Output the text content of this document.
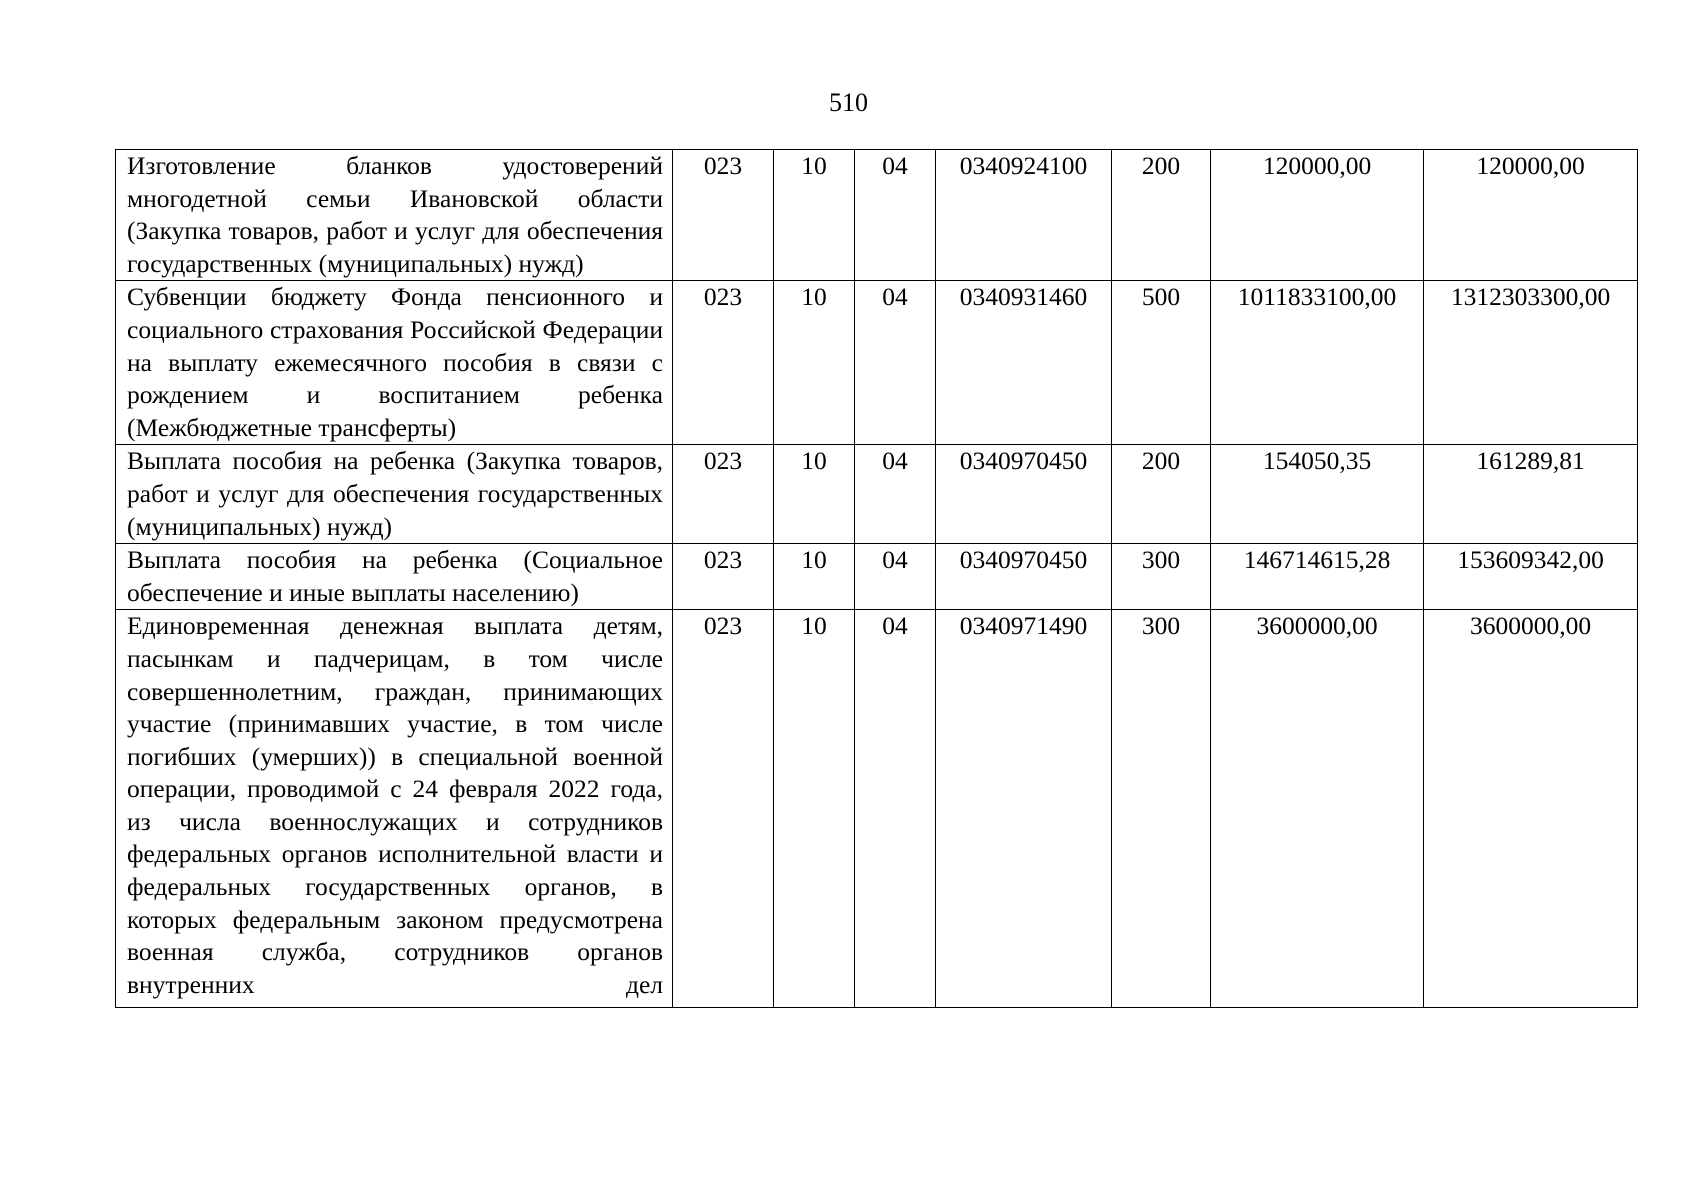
510
Изготовление бланков удостоверений многодетной семьи Ивановской области (Закупка товаров, работ и услуг для обеспечения государственных (муниципальных) нужд)	023	10	04	0340924100	200	120000,00	120000,00
Субвенции бюджету Фонда пенсионного и социального страхования Российской Федерации на выплату ежемесячного пособия в связи с рождением и воспитанием ребенка (Межбюджетные трансферты)	023	10	04	0340931460	500	1011833100,00	1312303300,00
Выплата пособия на ребенка (Закупка товаров, работ и услуг для обеспечения государственных (муниципальных) нужд)	023	10	04	0340970450	200	154050,35	161289,81
Выплата пособия на ребенка (Социальное обеспечение и иные выплаты населению)	023	10	04	0340970450	300	146714615,28	153609342,00
Единовременная денежная выплата детям, пасынкам и падчерицам, в том числе совершеннолетним, граждан, принимающих участие (принимавших участие, в том числе погибших (умерших)) в специальной военной операции, проводимой с 24 февраля 2022 года, из числа военнослужащих и сотрудников федеральных органов исполнительной власти и федеральных государственных органов, в которых федеральным законом предусмотрена военная служба, сотрудников органов внутренних дел	023	10	04	0340971490	300	3600000,00	3600000,00
